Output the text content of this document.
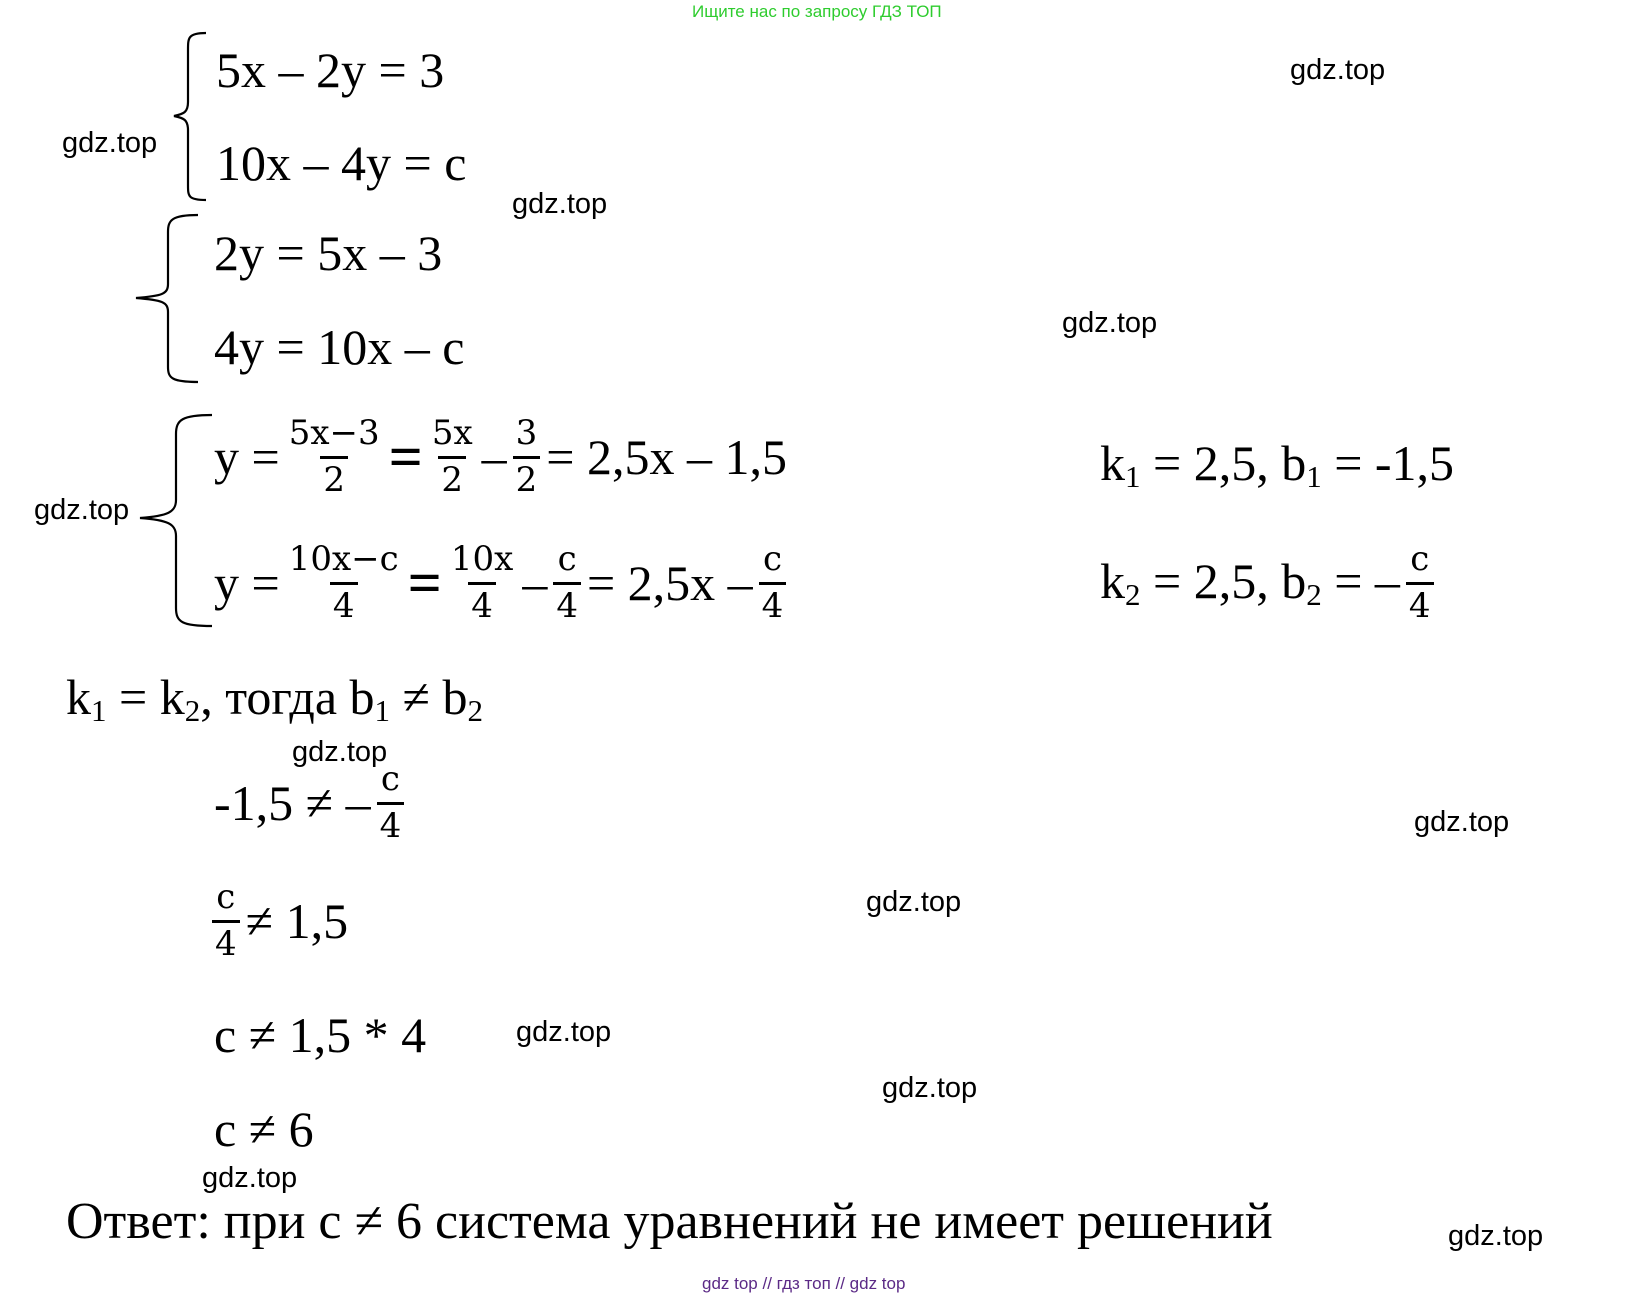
Ищите нас по запросу ГДЗ ТОП
5x – 2y = 3
10x – 4y = c
2y = 5x – 3
4y = 10x – c
$y = \frac{5x-3}{2} = \frac{5x}{2} - \frac{3}{2} = 2,5x - 1,5$
$y = \frac{10x-c}{4} = \frac{10x}{4} - \frac{c}{4} = 2,5x - \frac{c}{4}$
$k_1 = 2,5$, $b_1 = -1,5$
$k_2 = 2,5$, $b_2$ = – $\frac{c}{4}$
$k_1 = k_2$, тогда $b_1 \ne b_2$
-1,5 ≠ – $\frac{c}{4}$
$\frac{c}{4} \ne 1,5$
c ≠ 1,5 * 4
c ≠ 6
Ответ: при c ≠ 6 система уравнений не имеет решений
gdz.top
gdz.top
gdz.top
gdz.top
gdz.top
gdz.top
gdz.top
gdz.top
gdz.top
gdz.top
gdz.top
gdz.top
gdz top // гдз топ // gdz top
